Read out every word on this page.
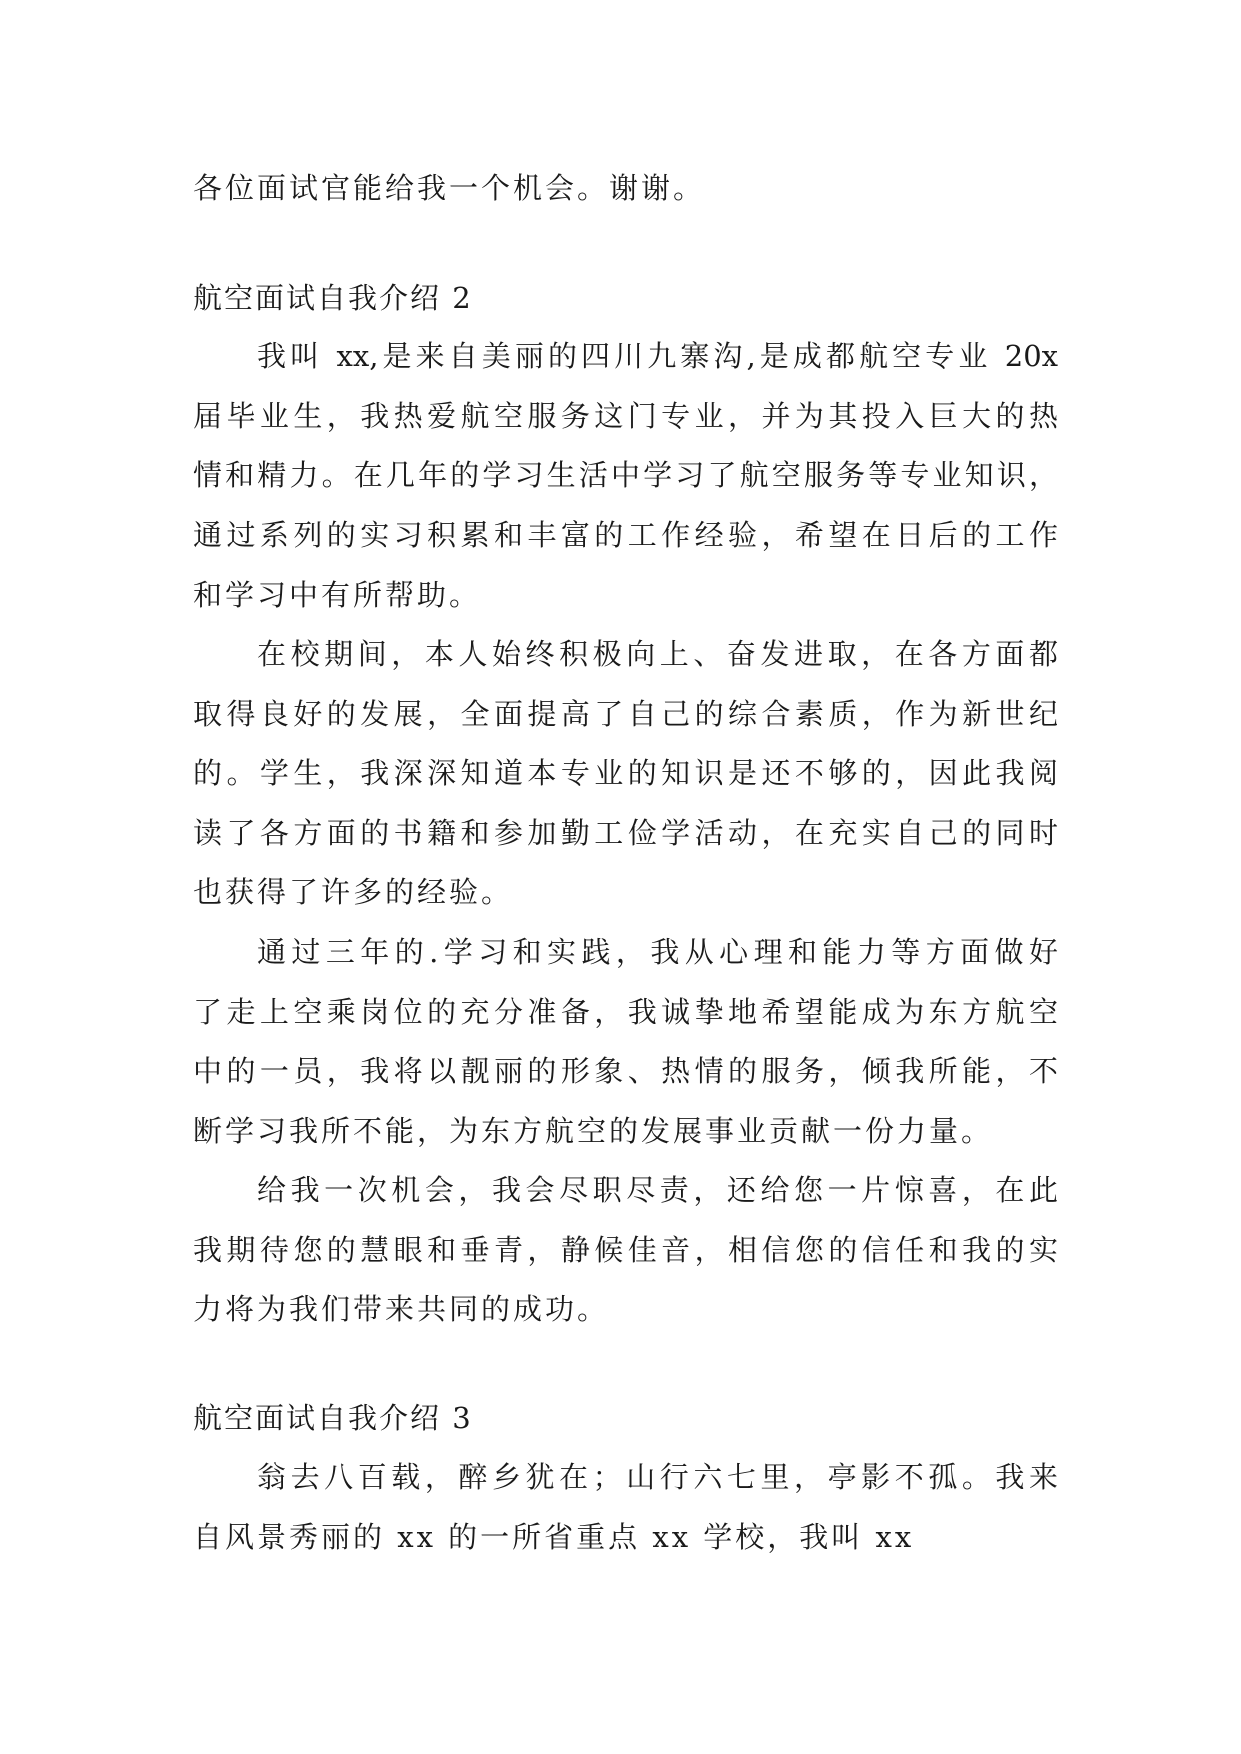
各位面试官能给我一个机会。谢谢。
航空面试自我介绍 2
我叫 xx,是来自美丽的四川九寨沟,是成都航空专业 20x
届毕业生，我热爱航空服务这门专业，并为其投入巨大的热
情和精力。在几年的学习生活中学习了航空服务等专业知识，
通过系列的实习积累和丰富的工作经验，希望在日后的工作
和学习中有所帮助。
在校期间，本人始终积极向上、奋发进取，在各方面都
取得良好的发展，全面提高了自己的综合素质，作为新世纪
的。学生，我深深知道本专业的知识是还不够的，因此我阅
读了各方面的书籍和参加勤工俭学活动，在充实自己的同时
也获得了许多的经验。
通过三年的.学习和实践，我从心理和能力等方面做好
了走上空乘岗位的充分准备，我诚挚地希望能成为东方航空
中的一员，我将以靓丽的形象、热情的服务，倾我所能，不
断学习我所不能，为东方航空的发展事业贡献一份力量。
给我一次机会，我会尽职尽责，还给您一片惊喜，在此
我期待您的慧眼和垂青，静候佳音，相信您的信任和我的实
力将为我们带来共同的成功。
航空面试自我介绍 3
翁去八百载，醉乡犹在；山行六七里，亭影不孤。我来
自风景秀丽的 xx 的一所省重点 xx 学校，我叫 xx
